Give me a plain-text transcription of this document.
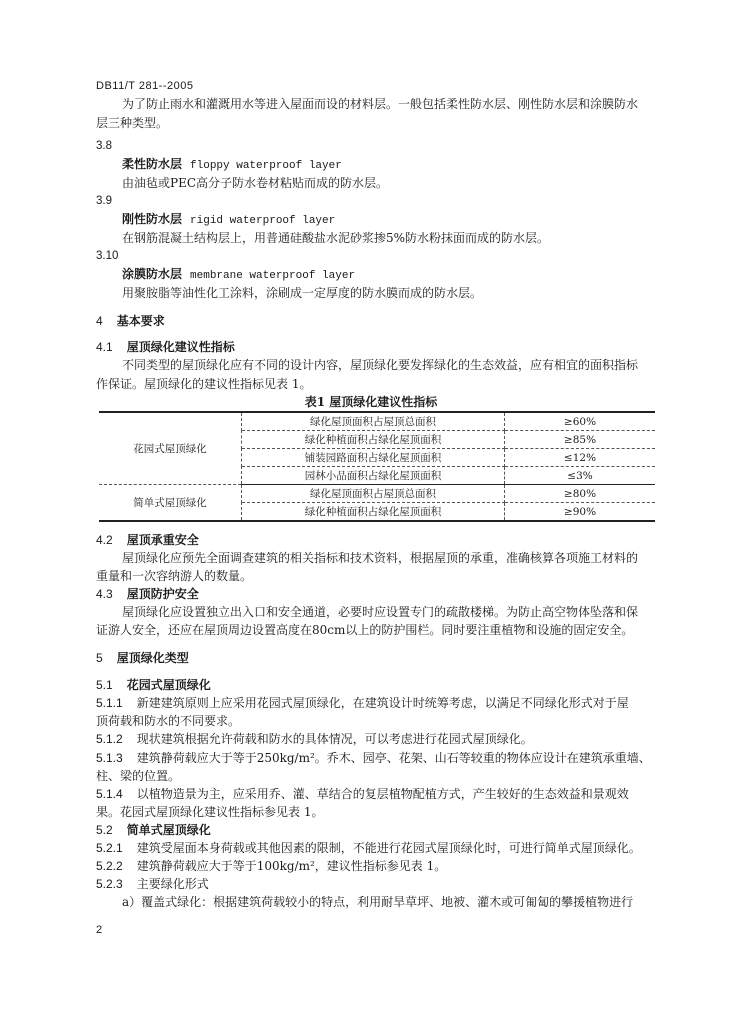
DB11/T 281--2005
为了防止雨水和灌溉用水等进入屋面而设的材料层。一般包括柔性防水层、刚性防水层和涂膜防水
层三种类型。
3.8
柔性防水层 floppy waterproof layer
由油毡或PEC高分子防水卷材粘贴而成的防水层。
3.9
刚性防水层 rigid waterproof layer
在钢筋混凝土结构层上，用普通硅酸盐水泥砂浆掺5%防水粉抹面而成的防水层。
3.10
涂膜防水层 membrane waterproof layer
用聚胺脂等油性化工涂料，涂刷成一定厚度的防水膜而成的防水层。
4 基本要求
4.1 屋顶绿化建议性指标
不同类型的屋顶绿化应有不同的设计内容，屋顶绿化要发挥绿化的生态效益，应有相宜的面积指标
作保证。屋顶绿化的建议性指标见表 1。
表1 屋顶绿化建议性指标
花园式屋顶绿化	绿化屋顶面积占屋顶总面积	≥60%
	绿化种植面积占绿化屋顶面积	≥85%
	铺装园路面积占绿化屋顶面积	≤12%
	园林小品面积占绿化屋顶面积	≤3%
简单式屋顶绿化	绿化屋顶面积占屋顶总面积	≥80%
	绿化种植面积占绿化屋顶面积	≥90%
4.2 屋顶承重安全
屋顶绿化应预先全面调查建筑的相关指标和技术资料，根据屋顶的承重，准确核算各项施工材料的
重量和一次容纳游人的数量。
4.3 屋顶防护安全
屋顶绿化应设置独立出入口和安全通道，必要时应设置专门的疏散楼梯。为防止高空物体坠落和保
证游人安全，还应在屋顶周边设置高度在80cm以上的防护围栏。同时要注重植物和设施的固定安全。
5 屋顶绿化类型
5.1 花园式屋顶绿化
5.1.1 新建建筑原则上应采用花园式屋顶绿化，在建筑设计时统筹考虑，以满足不同绿化形式对于屋
顶荷载和防水的不同要求。
5.1.2 现状建筑根据允许荷载和防水的具体情况，可以考虑进行花园式屋顶绿化。
5.1.3 建筑静荷载应大于等于250kg/m²。乔木、园亭、花架、山石等较重的物体应设计在建筑承重墙、
柱、梁的位置。
5.1.4 以植物造景为主，应采用乔、灌、草结合的复层植物配植方式，产生较好的生态效益和景观效
果。花园式屋顶绿化建议性指标参见表 1。
5.2 简单式屋顶绿化
5.2.1 建筑受屋面本身荷载或其他因素的限制，不能进行花园式屋顶绿化时，可进行简单式屋顶绿化。
5.2.2 建筑静荷载应大于等于100kg/m²，建议性指标参见表 1。
5.2.3 主要绿化形式
a）覆盖式绿化：根据建筑荷载较小的特点，利用耐旱草坪、地被、灌木或可匍匐的攀援植物进行
2
